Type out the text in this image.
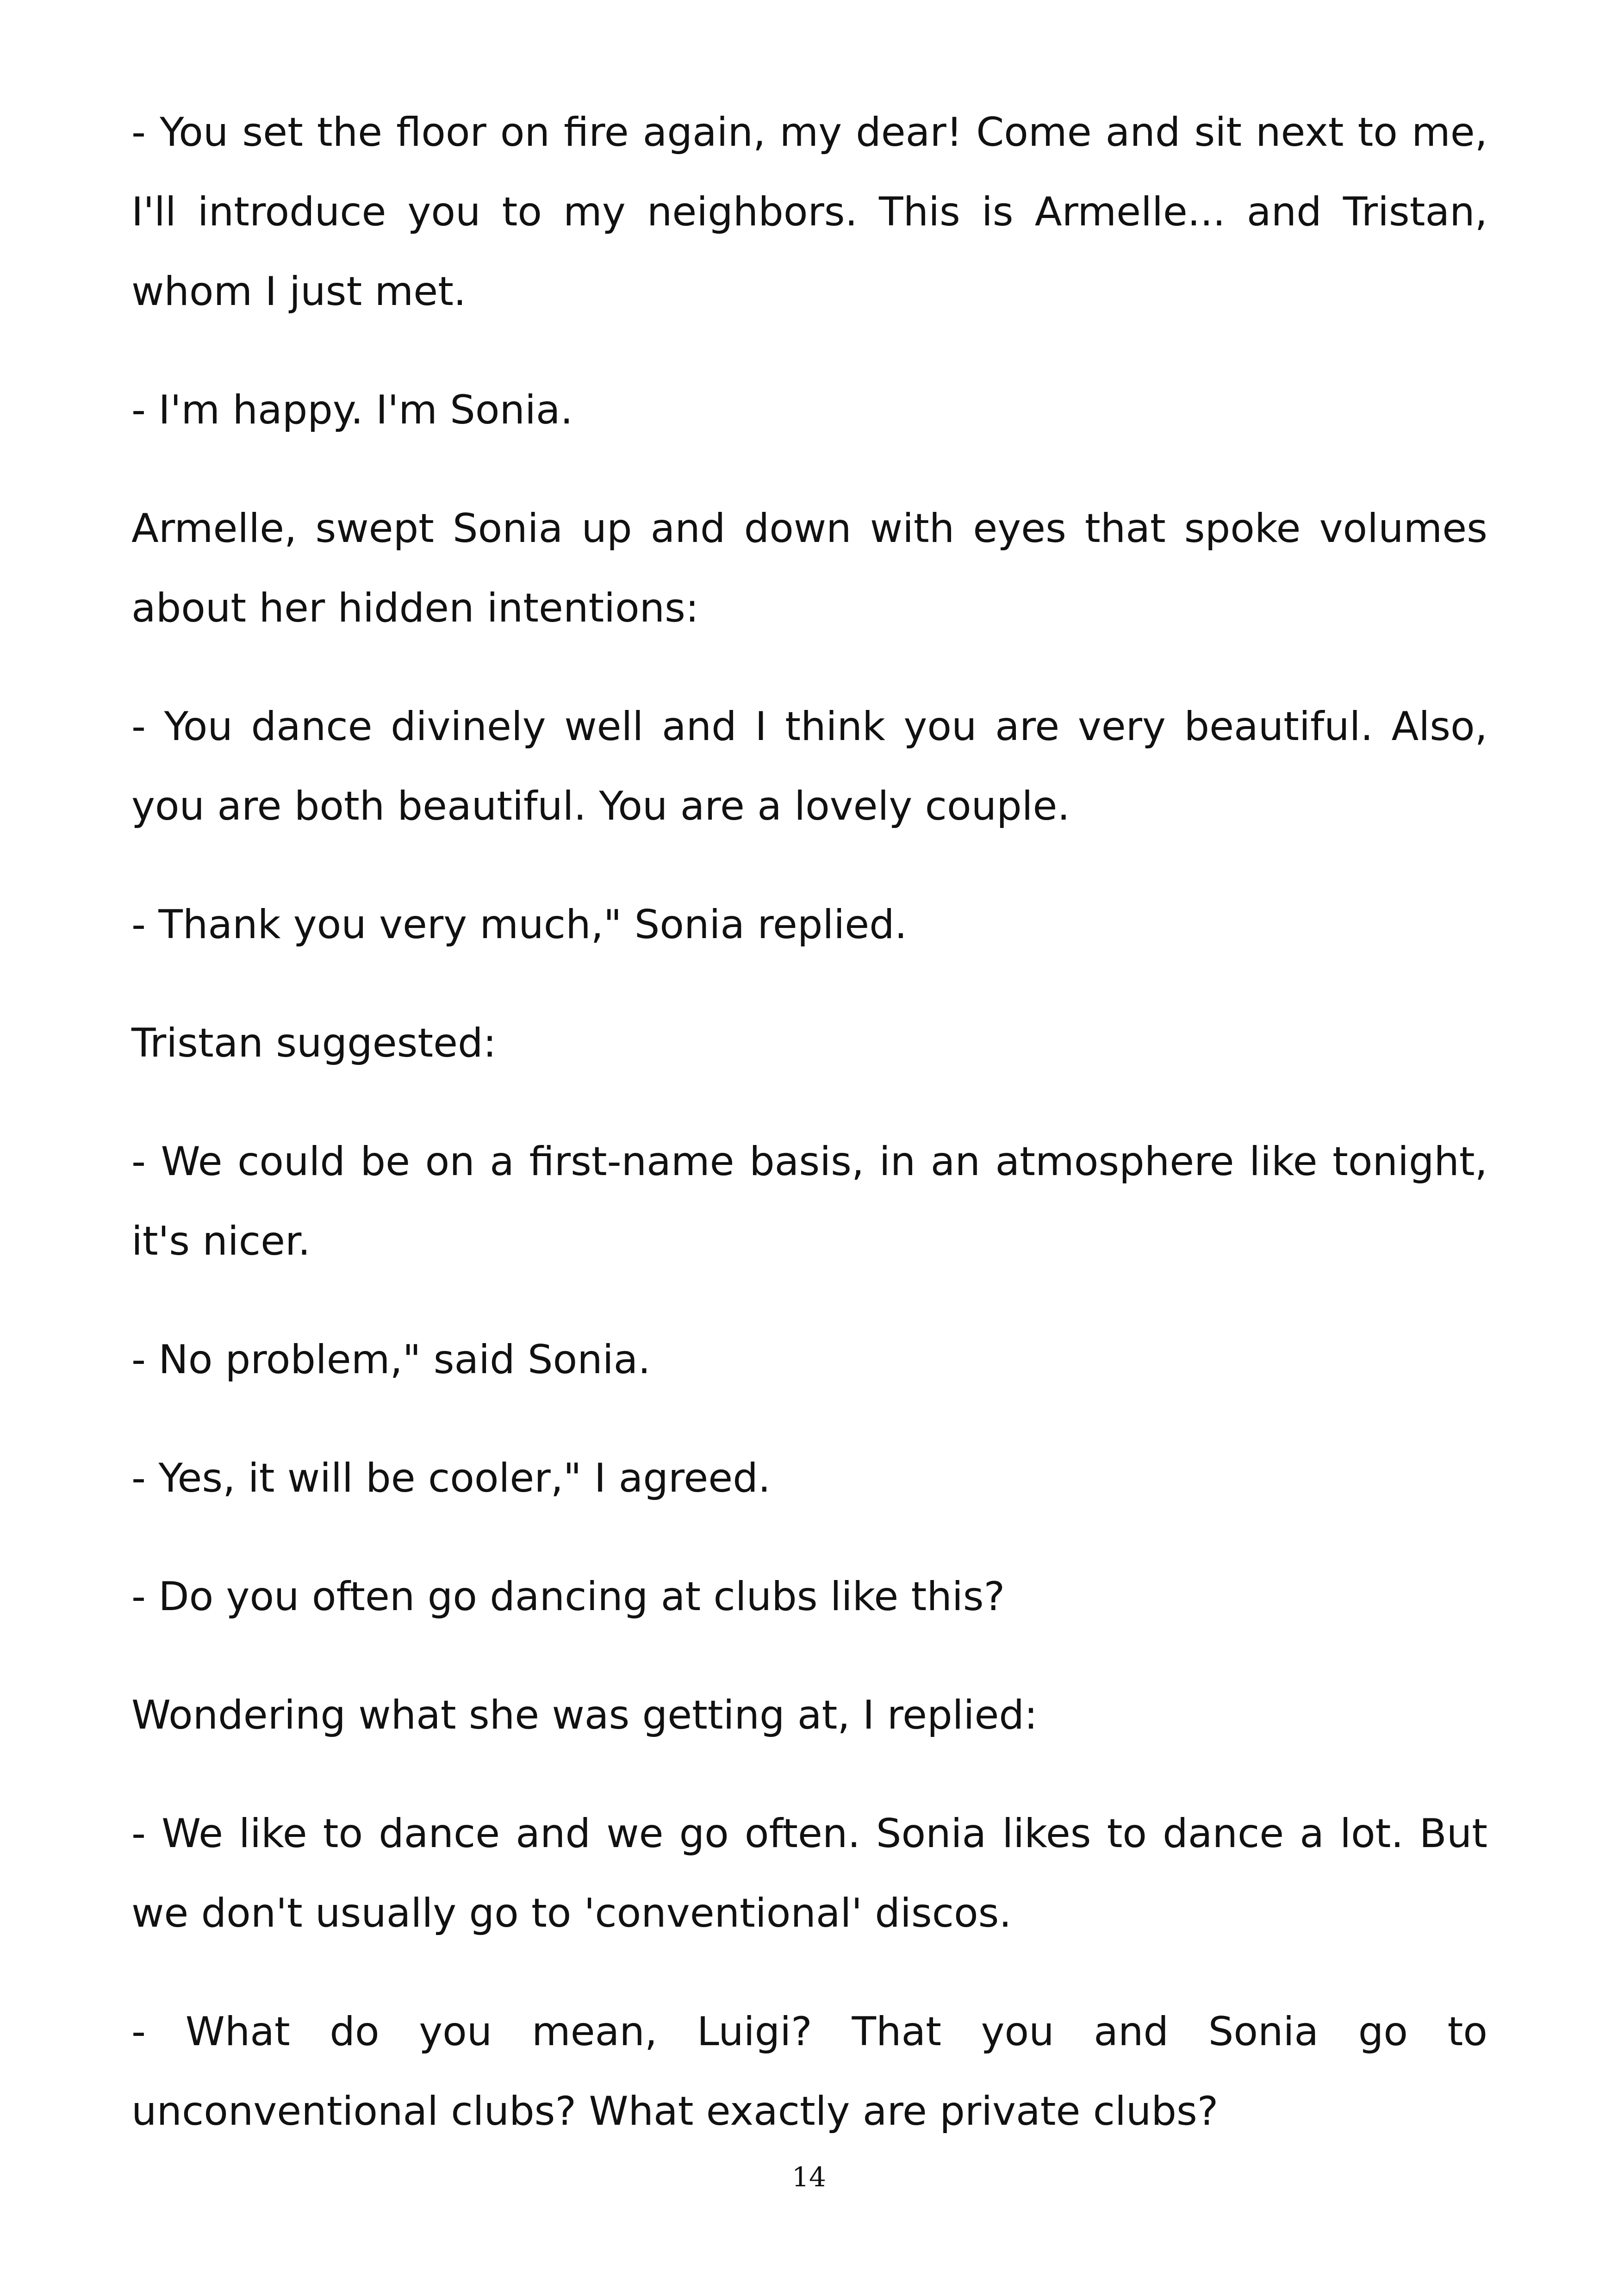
- You set the floor on fire again, my dear! Come and sit next to me, I'll introduce you to my neighbors. This is Armelle... and Tristan, whom I just met.

- I'm happy. I'm Sonia.

Armelle, swept Sonia up and down with eyes that spoke volumes about her hidden intentions:

- You dance divinely well and I think you are very beautiful. Also, you are both beautiful. You are a lovely couple.

- Thank you very much," Sonia replied.

Tristan suggested:

- We could be on a first-name basis, in an atmosphere like tonight, it's nicer.

- No problem," said Sonia.

- Yes, it will be cooler," I agreed.

- Do you often go dancing at clubs like this?

Wondering what she was getting at, I replied:

- We like to dance and we go often. Sonia likes to dance a lot. But we don't usually go to 'conventional' discos.

- What do you mean, Luigi? That you and Sonia go to unconventional clubs? What exactly are private clubs?

14
